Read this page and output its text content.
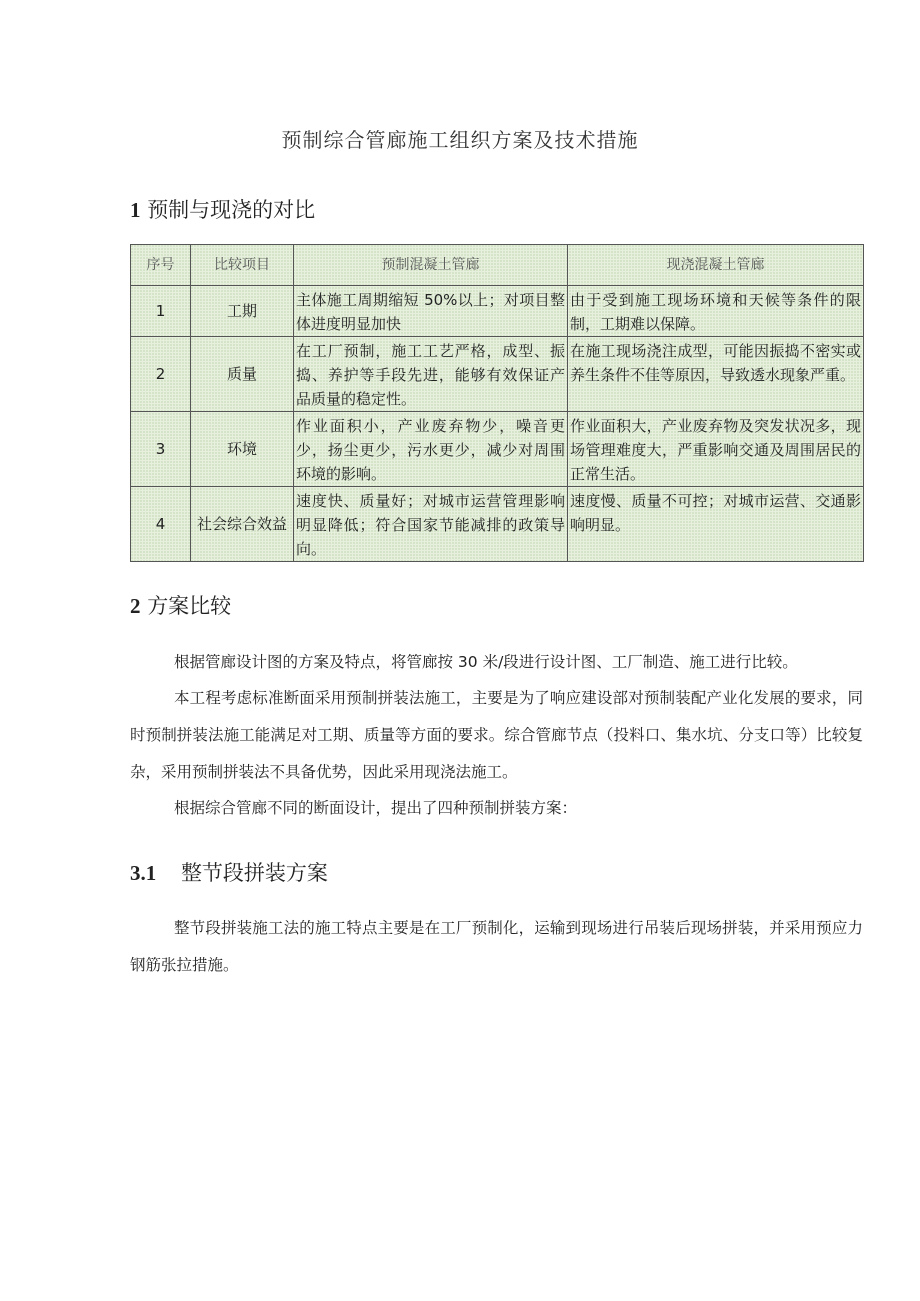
预制综合管廊施工组织方案及技术措施
1 预制与现浇的对比
序号	比较项目	预制混凝土管廊	现浇混凝土管廊
1	工期	主体施工周期缩短 50%以上；对项目整体进度明显加快	由于受到施工现场环境和天候等条件的限制，工期难以保障。
2	质量	在工厂预制，施工工艺严格，成型、振捣、养护等手段先进，能够有效保证产品质量的稳定性。	在施工现场浇注成型，可能因振捣不密实或养生条件不佳等原因，导致透水现象严重。
3	环境	作业面积小，产业废弃物少，噪音更少，扬尘更少，污水更少，减少对周围环境的影响。	作业面积大，产业废弃物及突发状况多，现场管理难度大，严重影响交通及周围居民的正常生活。
4	社会综合效益	速度快、质量好；对城市运营管理影响明显降低；符合国家节能减排的政策导向。	速度慢、质量不可控；对城市运营、交通影响明显。
2 方案比较

根据管廊设计图的方案及特点，将管廊按 30 米/段进行设计图、工厂制造、施工进行比较。

本工程考虑标准断面采用预制拼装法施工，主要是为了响应建设部对预制装配产业化发展的要求，同时预制拼装法施工能满足对工期、质量等方面的要求。综合管廊节点（投料口、集水坑、分支口等）比较复杂，采用预制拼装法不具备优势，因此采用现浇法施工。

根据综合管廊不同的断面设计，提出了四种预制拼装方案：

3.1 整节段拼装方案

整节段拼装施工法的施工特点主要是在工厂预制化，运输到现场进行吊装后现场拼装，并采用预应力钢筋张拉措施。
